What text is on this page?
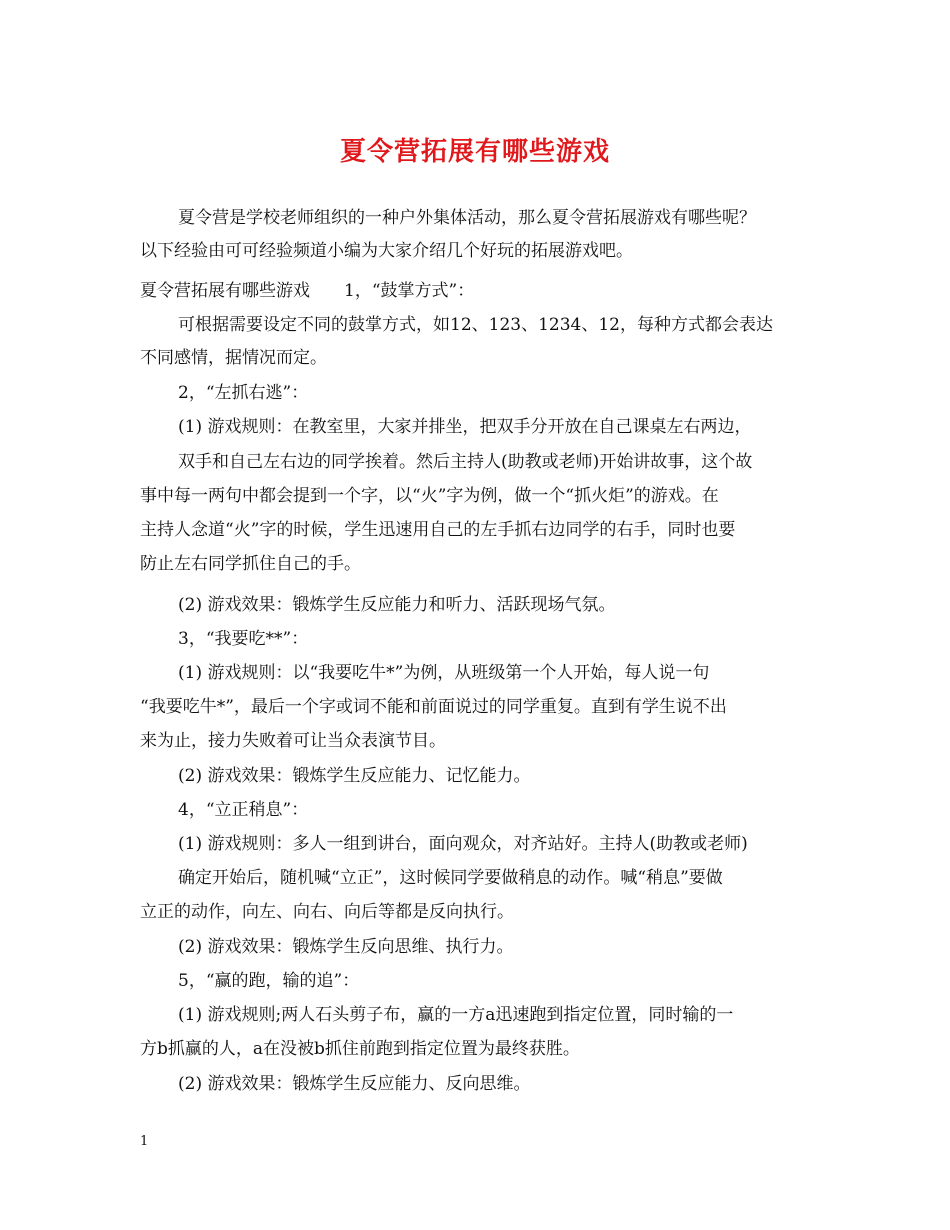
夏令营拓展有哪些游戏
夏令营是学校老师组织的一种户外集体活动，那么夏令营拓展游戏有哪些呢？
以下经验由可可经验频道小编为大家介绍几个好玩的拓展游戏吧。
夏令营拓展有哪些游戏　　1，“鼓掌方式”：
可根据需要设定不同的鼓掌方式，如12、123、1234、12，每种方式都会表达
不同感情，据情况而定。
2，“左抓右逃”：
(1) 游戏规则：在教室里，大家并排坐，把双手分开放在自己课桌左右两边，
双手和自己左右边的同学挨着。然后主持人(助教或老师)开始讲故事，这个故
事中每一两句中都会提到一个字，以“火”字为例，做一个“抓火炬”的游戏。在
主持人念道“火”字的时候，学生迅速用自己的左手抓右边同学的右手，同时也要
防止左右同学抓住自己的手。
(2) 游戏效果：锻炼学生反应能力和听力、活跃现场气氛。
3，“我要吃**”：
(1) 游戏规则：以“我要吃牛*”为例，从班级第一个人开始，每人说一句
“我要吃牛*”，最后一个字或词不能和前面说过的同学重复。直到有学生说不出
来为止，接力失败着可让当众表演节目。
(2) 游戏效果：锻炼学生反应能力、记忆能力。
4，“立正稍息”：
(1) 游戏规则：多人一组到讲台，面向观众，对齐站好。主持人(助教或老师)
确定开始后，随机喊“立正”，这时候同学要做稍息的动作。喊“稍息”要做
立正的动作，向左、向右、向后等都是反向执行。
(2) 游戏效果：锻炼学生反向思维、执行力。
5，“赢的跑，输的追”：
(1) 游戏规则;两人石头剪子布，赢的一方a迅速跑到指定位置，同时输的一
方b抓赢的人，a在没被b抓住前跑到指定位置为最终获胜。
(2) 游戏效果：锻炼学生反应能力、反向思维。
1
